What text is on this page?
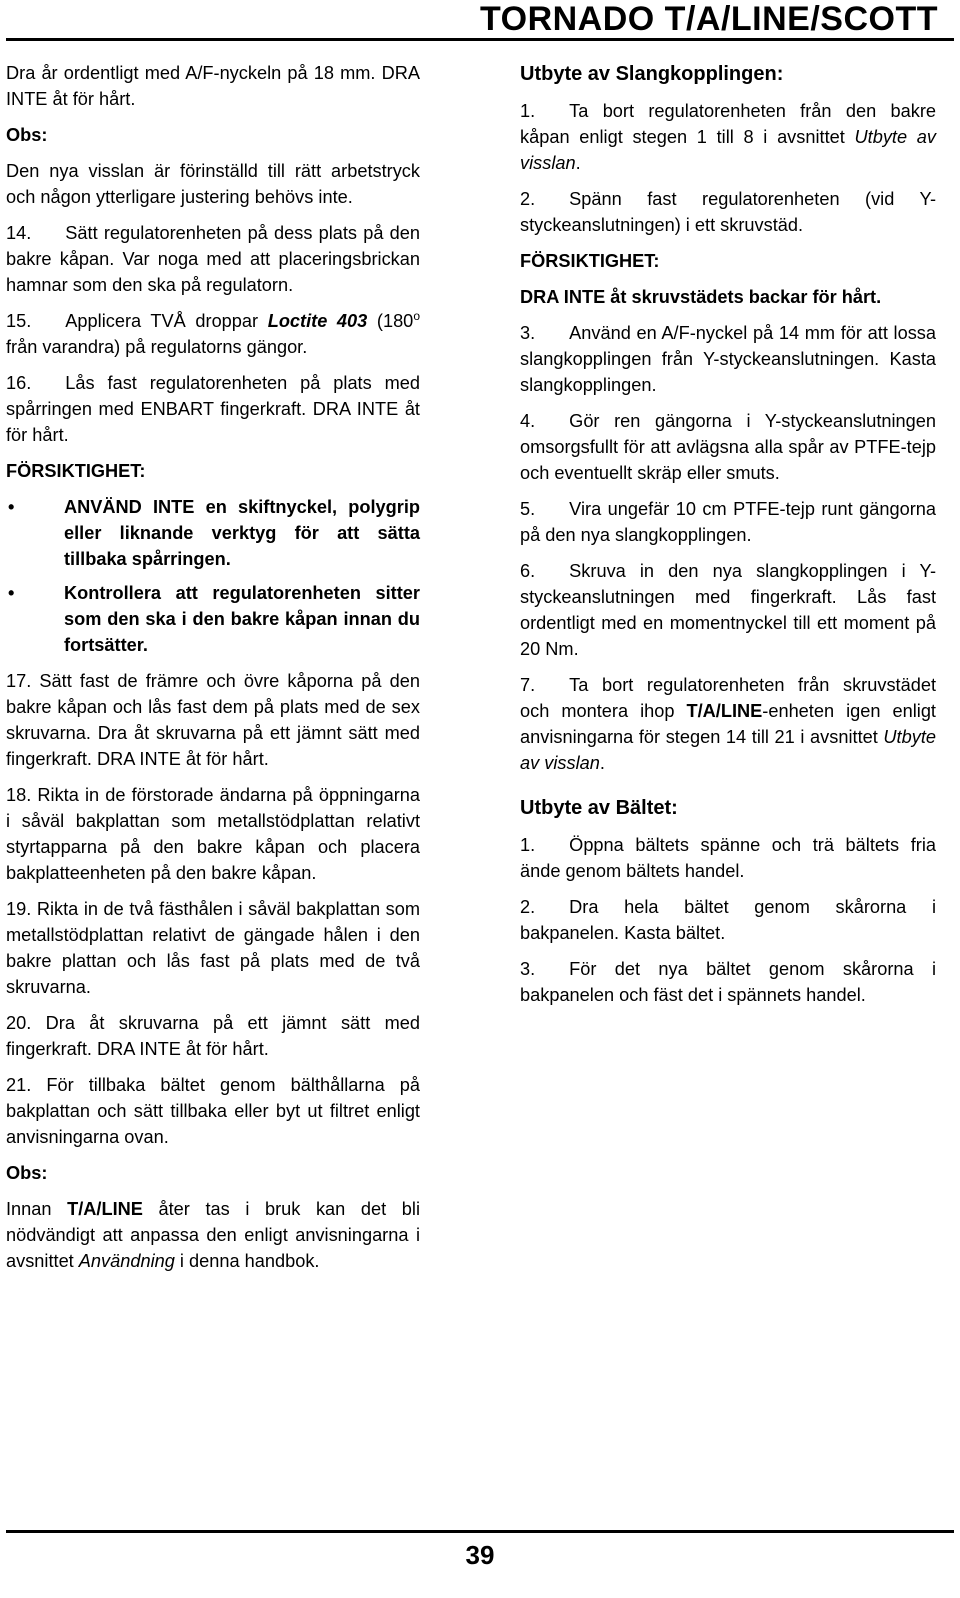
TORNADO T/A/LINE/SCOTT

Dra år ordentligt med A/F-nyckeln på 18 mm. DRA INTE åt för hårt.

Obs:

Den nya visslan är förinställd till rätt arbetstryck och någon ytterligare justering behövs inte.

14. Sätt regulatorenheten på dess plats på den bakre kåpan. Var noga med att placeringsbrickan hamnar som den ska på regulatorn.

15. Applicera TVÅ droppar Loctite 403 (180$^o$ från varandra) på regulatorns gängor.

16. Lås fast regulatorenheten på plats med spårringen med ENBART fingerkraft. DRA INTE åt för hårt.

FÖRSIKTIGHET:
•	ANVÄND INTE en skiftnyckel, polygrip eller liknande verktyg för att sätta tillbaka spårringen.
•	Kontrollera att regulatorenheten sitter som den ska i den bakre kåpan innan du fortsätter.

17. Sätt fast de främre och övre kåporna på den bakre kåpan och lås fast dem på plats med de sex skruvarna. Dra åt skruvarna på ett jämnt sätt med fingerkraft. DRA INTE åt för hårt.

18. Rikta in de förstorade ändarna på öppningarna i såväl bakplattan som metallstödplattan relativt styrtapparna på den bakre kåpan och placera bakplatteenheten på den bakre kåpan.

19. Rikta in de två fästhålen i såväl bakplattan som metallstödplattan relativt de gängade hålen i den bakre plattan och lås fast på plats med de två skruvarna.

20. Dra åt skruvarna på ett jämnt sätt med fingerkraft. DRA INTE åt för hårt.

21. För tillbaka bältet genom bälthållarna på bakplattan och sätt tillbaka eller byt ut filtret enligt anvisningarna ovan.

Obs:

Innan T/A/LINE åter tas i bruk kan det bli nödvändigt att anpassa den enligt anvisningarna i avsnittet Användning i denna handbok.

Utbyte av Slangkopplingen:

1. Ta bort regulatorenheten från den bakre kåpan enligt stegen 1 till 8 i avsnittet Utbyte av visslan.

2. Spänn fast regulatorenheten (vid Y-styckeanslutningen) i ett skruvstäd.

FÖRSIKTIGHET:

DRA INTE åt skruvstädets backar för hårt.

3. Använd en A/F-nyckel på 14 mm för att lossa slangkopplingen från Y-styckeanslutningen. Kasta slangkopplingen.

4. Gör ren gängorna i Y-styckeanslutningen omsorgsfullt för att avlägsna alla spår av PTFE-tejp och eventuellt skräp eller smuts.

5. Vira ungefär 10 cm PTFE-tejp runt gängorna på den nya slangkopplingen.

6. Skruva in den nya slangkopplingen i Y-styckeanslutningen med fingerkraft. Lås fast ordentligt med en momentnyckel till ett moment på 20 Nm.

7. Ta bort regulatorenheten från skruvstädet och montera ihop T/A/LINE-enheten igen enligt anvisningarna för stegen 14 till 21 i avsnittet Utbyte av visslan.

Utbyte av Bältet:

1. Öppna bältets spänne och trä bältets fria ände genom bältets handel.

2. Dra hela bältet genom skårorna i bakpanelen. Kasta bältet.

3. För det nya bältet genom skårorna i bakpanelen och fäst det i spännets handel.

39
